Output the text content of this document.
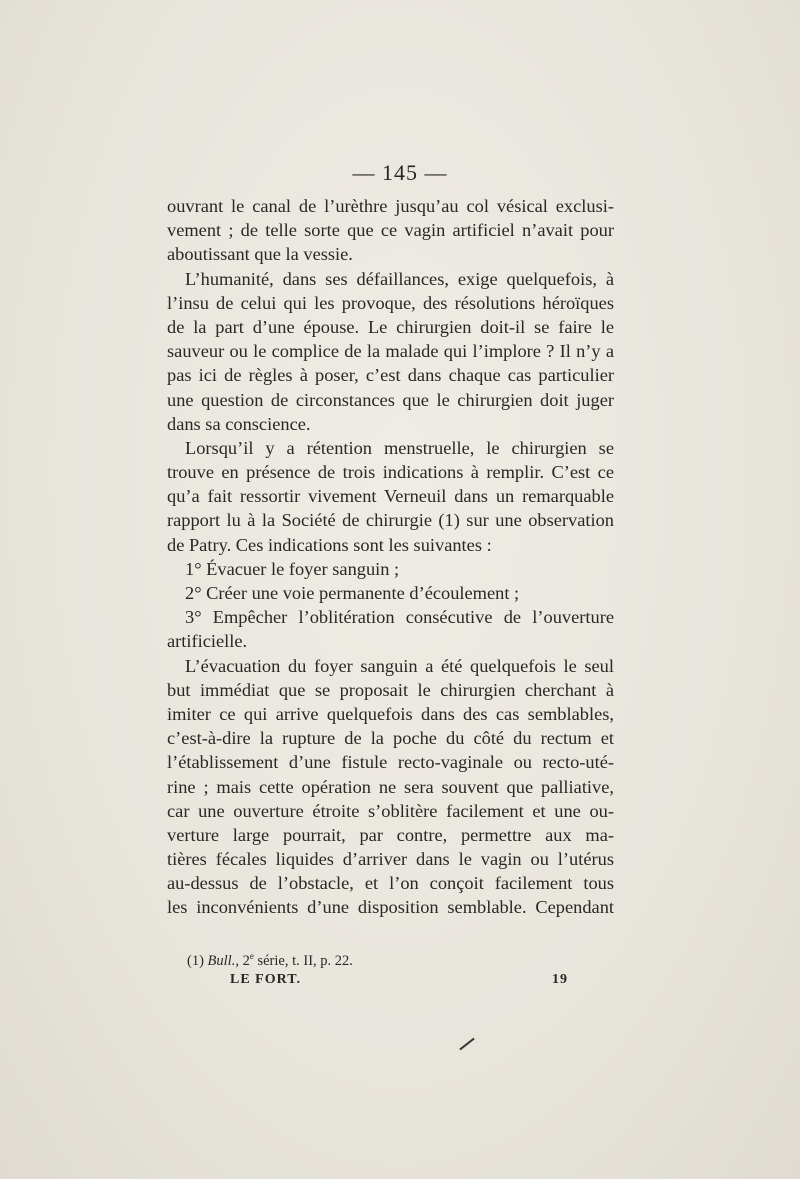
— 145 —
ouvrant le canal de l’urèthre jusqu’au col vésical exclusi-
vement ; de telle sorte que ce vagin artificiel n’avait pour
aboutissant que la vessie.
L’humanité, dans ses défaillances, exige quelquefois, à
l’insu de celui qui les provoque, des résolutions héroïques
de la part d’une épouse. Le chirurgien doit-il se faire le
sauveur ou le complice de la malade qui l’implore ? Il n’y a
pas ici de règles à poser, c’est dans chaque cas particulier
une question de circonstances que le chirurgien doit juger
dans sa conscience.
Lorsqu’il y a rétention menstruelle, le chirurgien se
trouve en présence de trois indications à remplir. C’est ce
qu’a fait ressortir vivement Verneuil dans un remarquable
rapport lu à la Société de chirurgie (1) sur une observation
de Patry. Ces indications sont les suivantes :
1° Évacuer le foyer sanguin ;
2° Créer une voie permanente d’écoulement ;
3° Empêcher l’oblitération consécutive de l’ouverture
artificielle.
L’évacuation du foyer sanguin a été quelquefois le seul
but immédiat que se proposait le chirurgien cherchant à
imiter ce qui arrive quelquefois dans des cas semblables,
c’est-à-dire la rupture de la poche du côté du rectum et
l’établissement d’une fistule recto-vaginale ou recto-uté-
rine ; mais cette opération ne sera souvent que palliative,
car une ouverture étroite s’oblitère facilement et une ou-
verture large pourrait, par contre, permettre aux ma-
tières fécales liquides d’arriver dans le vagin ou l’utérus
au-dessus de l’obstacle, et l’on conçoit facilement tous
les inconvénients d’une disposition semblable. Cependant
(1) Bull., 2e série, t. II, p. 22.
LE FORT.	19
